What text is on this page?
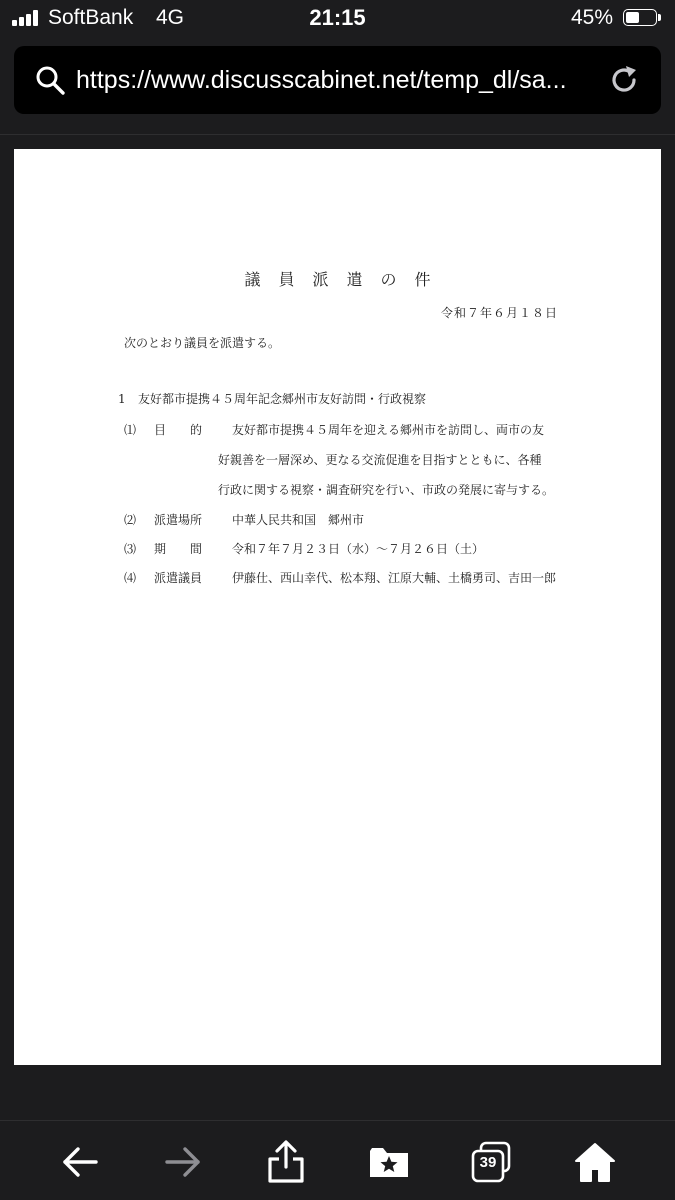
SoftBank 4G	21:15	45%
https://www.discusscabinet.net/temp_dl/sa...
議員派遣の件
令和７年６月１８日
次のとおり議員を派遣する。
1 友好都市提携４５周年記念郷州市友好訪問・行政視察
⑴ 目　　的 友好都市提携４５周年を迎える郷州市を訪問し、両市の友
好親善を一層深め、更なる交流促進を目指すとともに、各種
行政に関する視察・調査研究を行い、市政の発展に寄与する。
⑵ 派遣場所 中華人民共和国　郷州市
⑶ 期　　間 令和７年７月２３日（水）〜７月２６日（土）
⑷ 派遣議員 伊藤仕、西山幸代、松本翔、江原大輔、土橋勇司、吉田一郎
39
